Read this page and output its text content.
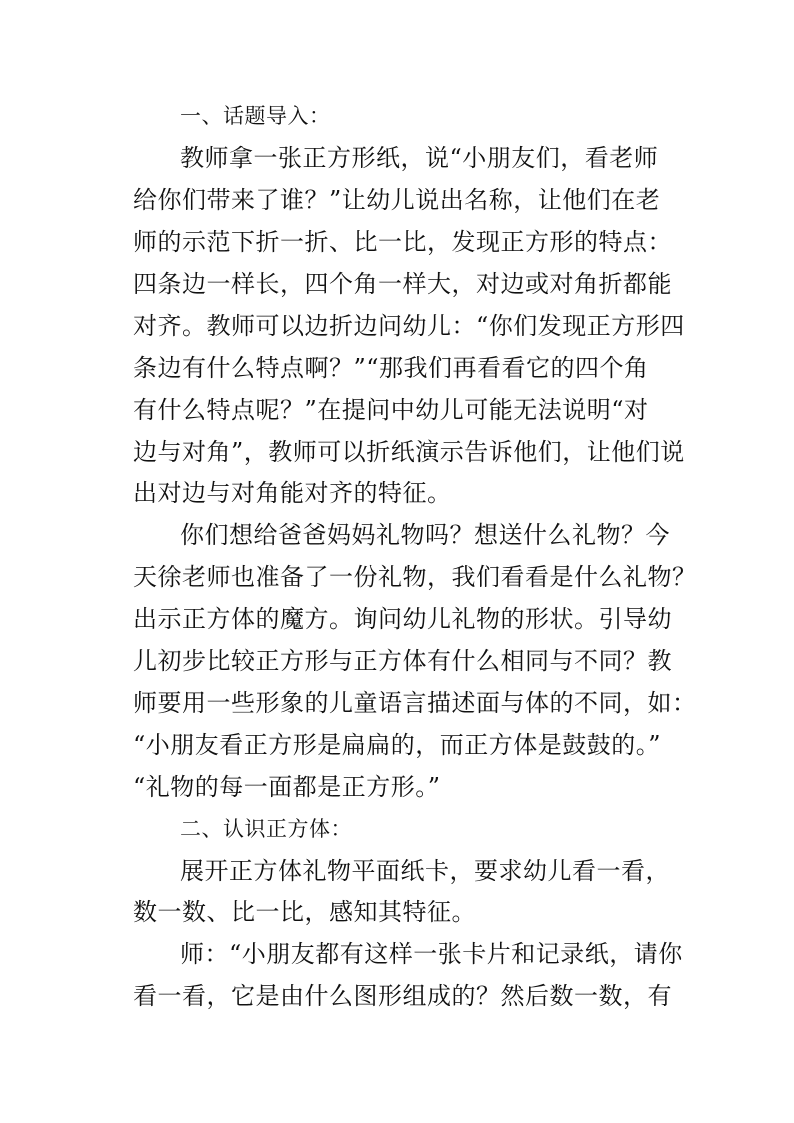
一、话题导入：
教师拿一张正方形纸，说“小朋友们，看老师
给你们带来了谁？”让幼儿说出名称，让他们在老
师的示范下折一折、比一比，发现正方形的特点：
四条边一样长，四个角一样大，对边或对角折都能
对齐。教师可以边折边问幼儿：“你们发现正方形四
条边有什么特点啊？”“那我们再看看它的四个角
有什么特点呢？”在提问中幼儿可能无法说明“对
边与对角”，教师可以折纸演示告诉他们，让他们说
出对边与对角能对齐的特征。
你们想给爸爸妈妈礼物吗？想送什么礼物？今
天徐老师也准备了一份礼物，我们看看是什么礼物？
出示正方体的魔方。询问幼儿礼物的形状。引导幼
儿初步比较正方形与正方体有什么相同与不同？教
师要用一些形象的儿童语言描述面与体的不同，如：
“小朋友看正方形是扁扁的，而正方体是鼓鼓的。”
“礼物的每一面都是正方形。”
二、认识正方体：
展开正方体礼物平面纸卡，要求幼儿看一看，
数一数、比一比，感知其特征。
师：“小朋友都有这样一张卡片和记录纸，请你
看一看，它是由什么图形组成的？然后数一数，有
